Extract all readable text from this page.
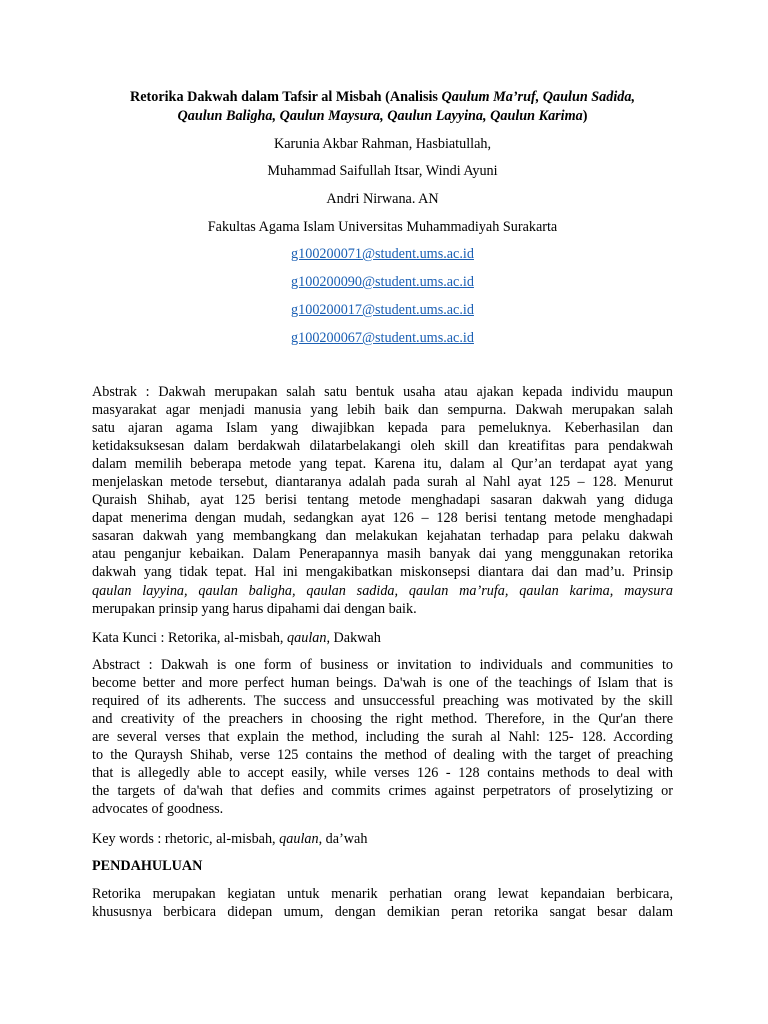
Retorika Dakwah dalam Tafsir al Misbah (Analisis Qaulum Ma’ruf, Qaulun Sadida,
Qaulun Baligha, Qaulun Maysura, Qaulun Layyina, Qaulun Karima)
Karunia Akbar Rahman, Hasbiatullah,
Muhammad Saifullah Itsar, Windi Ayuni
Andri Nirwana. AN
Fakultas Agama Islam Universitas Muhammadiyah Surakarta
g100200071@student.ums.ac.id
g100200090@student.ums.ac.id
g100200017@student.ums.ac.id
g100200067@student.ums.ac.id
Abstrak : Dakwah merupakan salah satu bentuk usaha atau ajakan kepada individu maupun
masyarakat agar menjadi manusia yang lebih baik dan sempurna. Dakwah merupakan salah
satu ajaran agama Islam yang diwajibkan kepada para pemeluknya. Keberhasilan dan
ketidaksuksesan dalam berdakwah dilatarbelakangi oleh skill dan kreatifitas para pendakwah
dalam memilih beberapa metode yang tepat. Karena itu, dalam al Qur’an terdapat ayat yang
menjelaskan metode tersebut, diantaranya adalah pada surah al Nahl ayat 125 – 128. Menurut
Quraish Shihab, ayat 125 berisi tentang metode menghadapi sasaran dakwah yang diduga
dapat menerima dengan mudah, sedangkan ayat 126 – 128 berisi tentang metode menghadapi
sasaran dakwah yang membangkang dan melakukan kejahatan terhadap para pelaku dakwah
atau penganjur kebaikan. Dalam Penerapannya masih banyak dai yang menggunakan retorika
dakwah yang tidak tepat. Hal ini mengakibatkan miskonsepsi diantara dai dan mad’u. Prinsip
qaulan layyina, qaulan baligha, qaulan sadida, qaulan ma’rufa, qaulan karima, maysura
merupakan prinsip yang harus dipahami dai dengan baik.
Kata Kunci : Retorika, al-misbah, qaulan, Dakwah
Abstract : Dakwah is one form of business or invitation to individuals and communities to
become better and more perfect human beings. Da'wah is one of the teachings of Islam that is
required of its adherents. The success and unsuccessful preaching was motivated by the skill
and creativity of the preachers in choosing the right method. Therefore, in the Qur'an there
are several verses that explain the method, including the surah al Nahl: 125- 128. According
to the Quraysh Shihab, verse 125 contains the method of dealing with the target of preaching
that is allegedly able to accept easily, while verses 126 - 128 contains methods to deal with
the targets of da'wah that defies and commits crimes against perpetrators of proselytizing or
advocates of goodness.
Key words : rhetoric, al-misbah, qaulan, da’wah
PENDAHULUAN
Retorika merupakan kegiatan untuk menarik perhatian orang lewat kepandaian berbicara,
khususnya berbicara didepan umum, dengan demikian peran retorika sangat besar dalam
